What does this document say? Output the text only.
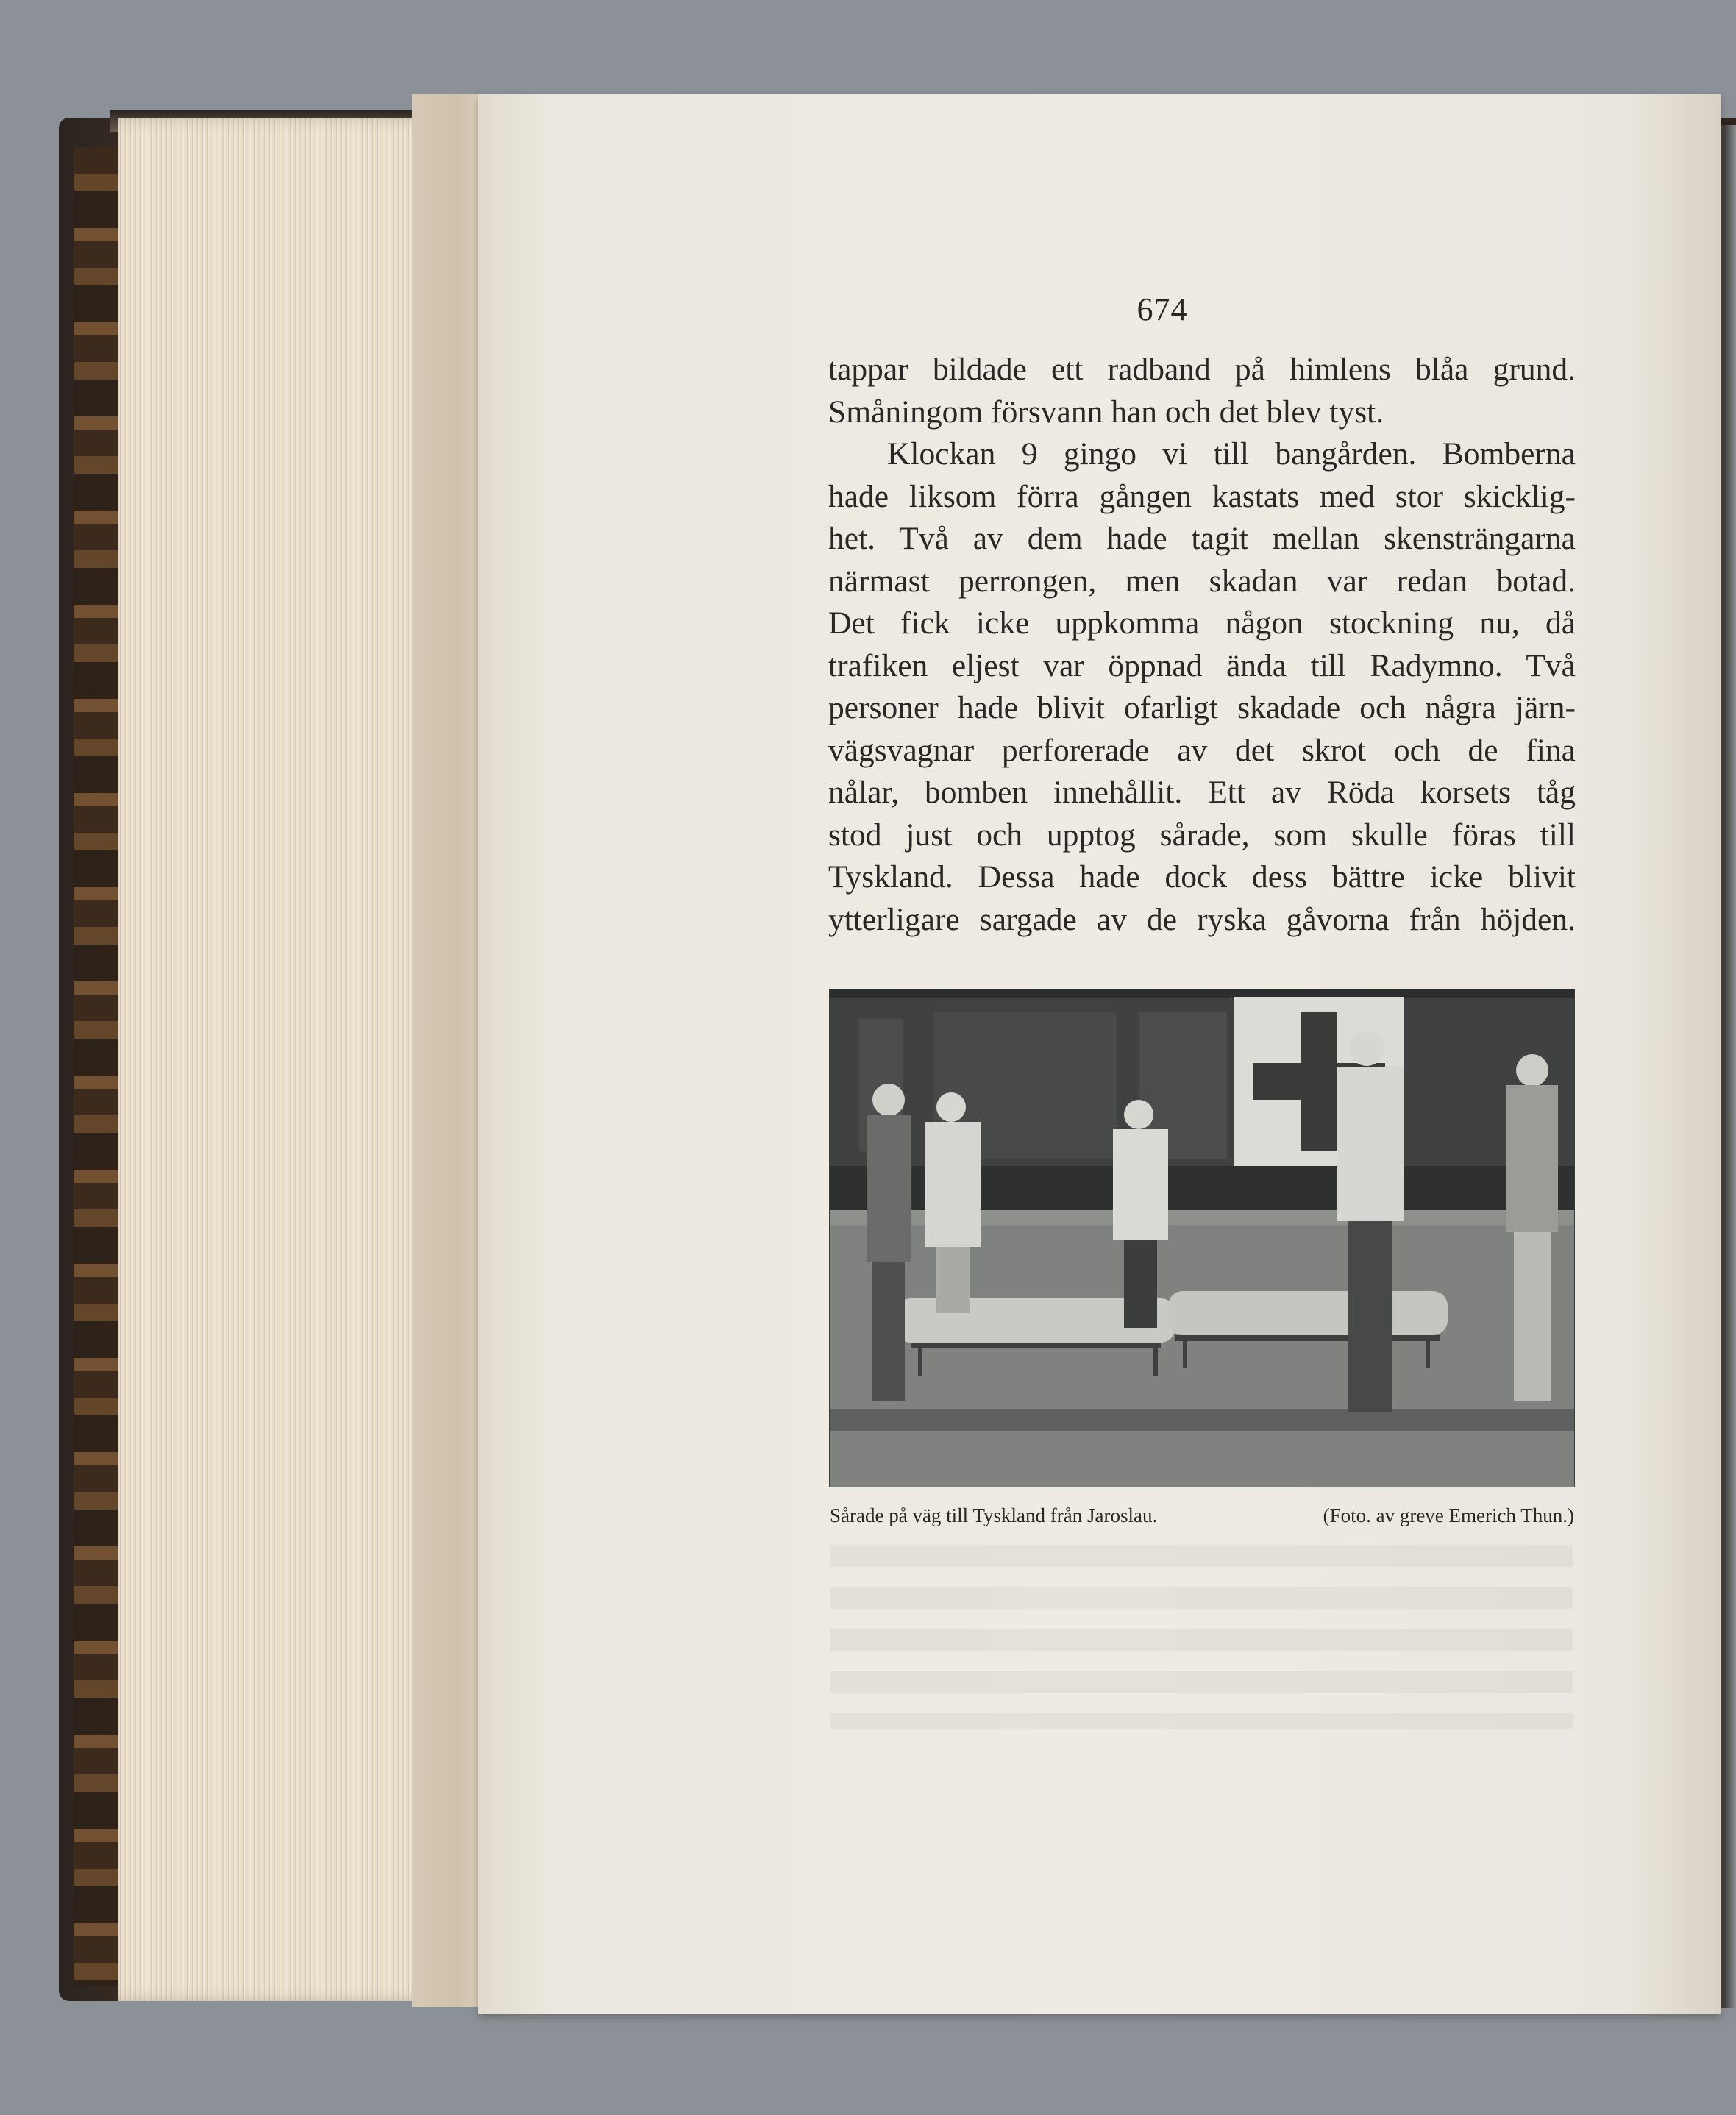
674

tappar bildade ett radband på himlens blåa grund.

Småningom försvann han och det blev tyst.

Klockan 9 gingo vi till bangården. Bomberna

hade liksom förra gången kastats med stor skicklig-

het. Två av dem hade tagit mellan skensträngarna

närmast perrongen, men skadan var redan botad.

Det fick icke uppkomma någon stockning nu, då

trafiken eljest var öppnad ända till Radymno. Två

personer hade blivit ofarligt skadade och några järn-

vägsvagnar perforerade av det skrot och de fina

nålar, bomben innehållit. Ett av Röda korsets tåg

stod just och upptog sårade, som skulle föras till

Tyskland. Dessa hade dock dess bättre icke blivit

ytterligare sargade av de ryska gåvorna från höjden.

Sårade på väg till Tyskland från Jaroslau.	(Foto. av greve Emerich Thun.)
